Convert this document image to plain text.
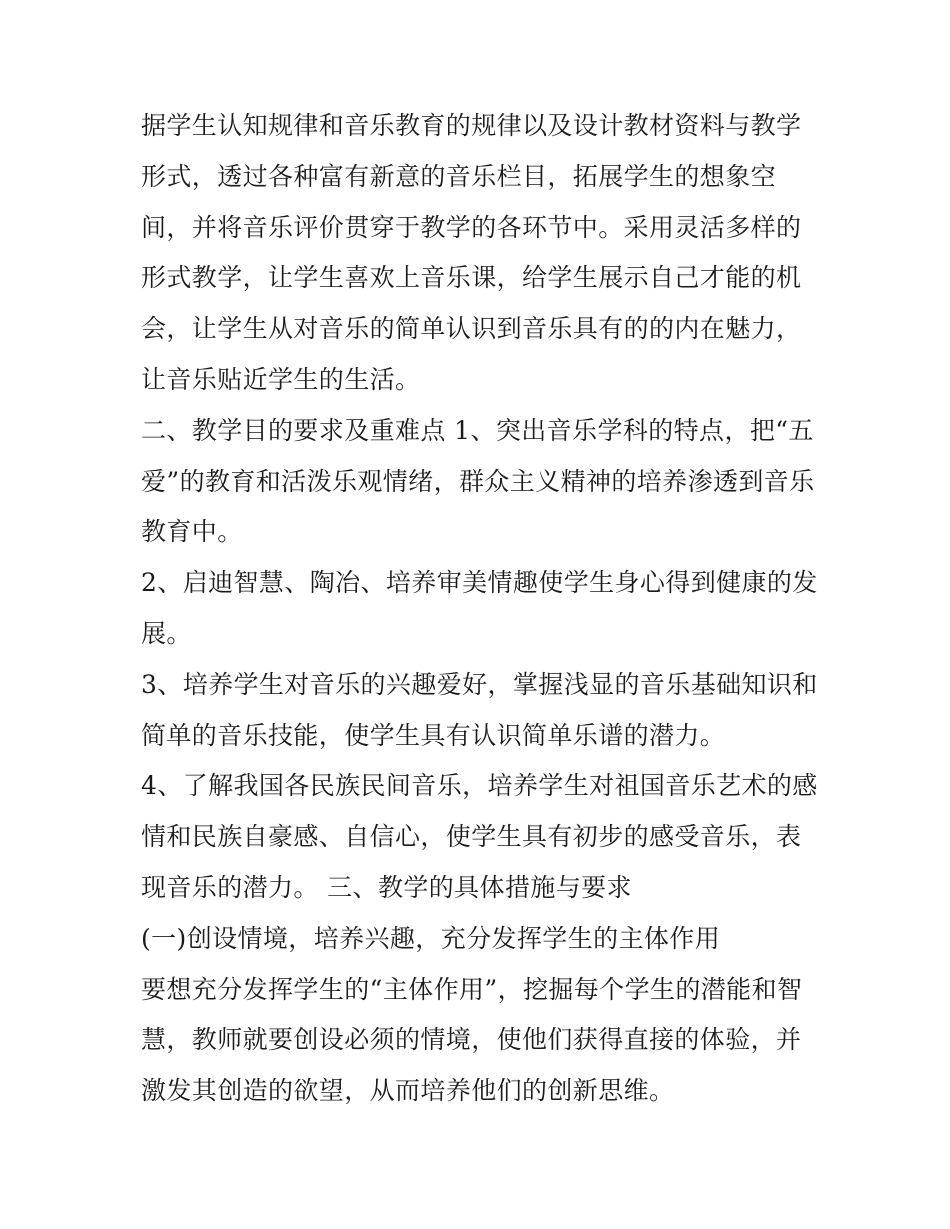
据学生认知规律和音乐教育的规律以及设计教材资料与教学形式，透过各种富有新意的音乐栏目，拓展学生的想象空间，并将音乐评价贯穿于教学的各环节中。采用灵活多样的形式教学，让学生喜欢上音乐课，给学生展示自己才能的机会，让学生从对音乐的简单认识到音乐具有的的内在魅力，让音乐贴近学生的生活。

二、教学目的要求及重难点 1、突出音乐学科的特点，把“五爱”的教育和活泼乐观情绪，群众主义精神的培养渗透到音乐教育中。

2、启迪智慧、陶冶、培养审美情趣使学生身心得到健康的发展。

3、培养学生对音乐的兴趣爱好，掌握浅显的音乐基础知识和简单的音乐技能，使学生具有认识简单乐谱的潜力。

4、了解我国各民族民间音乐，培养学生对祖国音乐艺术的感情和民族自豪感、自信心，使学生具有初步的感受音乐，表现音乐的潜力。 三、教学的具体措施与要求

(一)创设情境，培养兴趣，充分发挥学生的主体作用

要想充分发挥学生的“主体作用”，挖掘每个学生的潜能和智慧，教师就要创设必须的情境，使他们获得直接的体验，并激发其创造的欲望，从而培养他们的创新思维。
